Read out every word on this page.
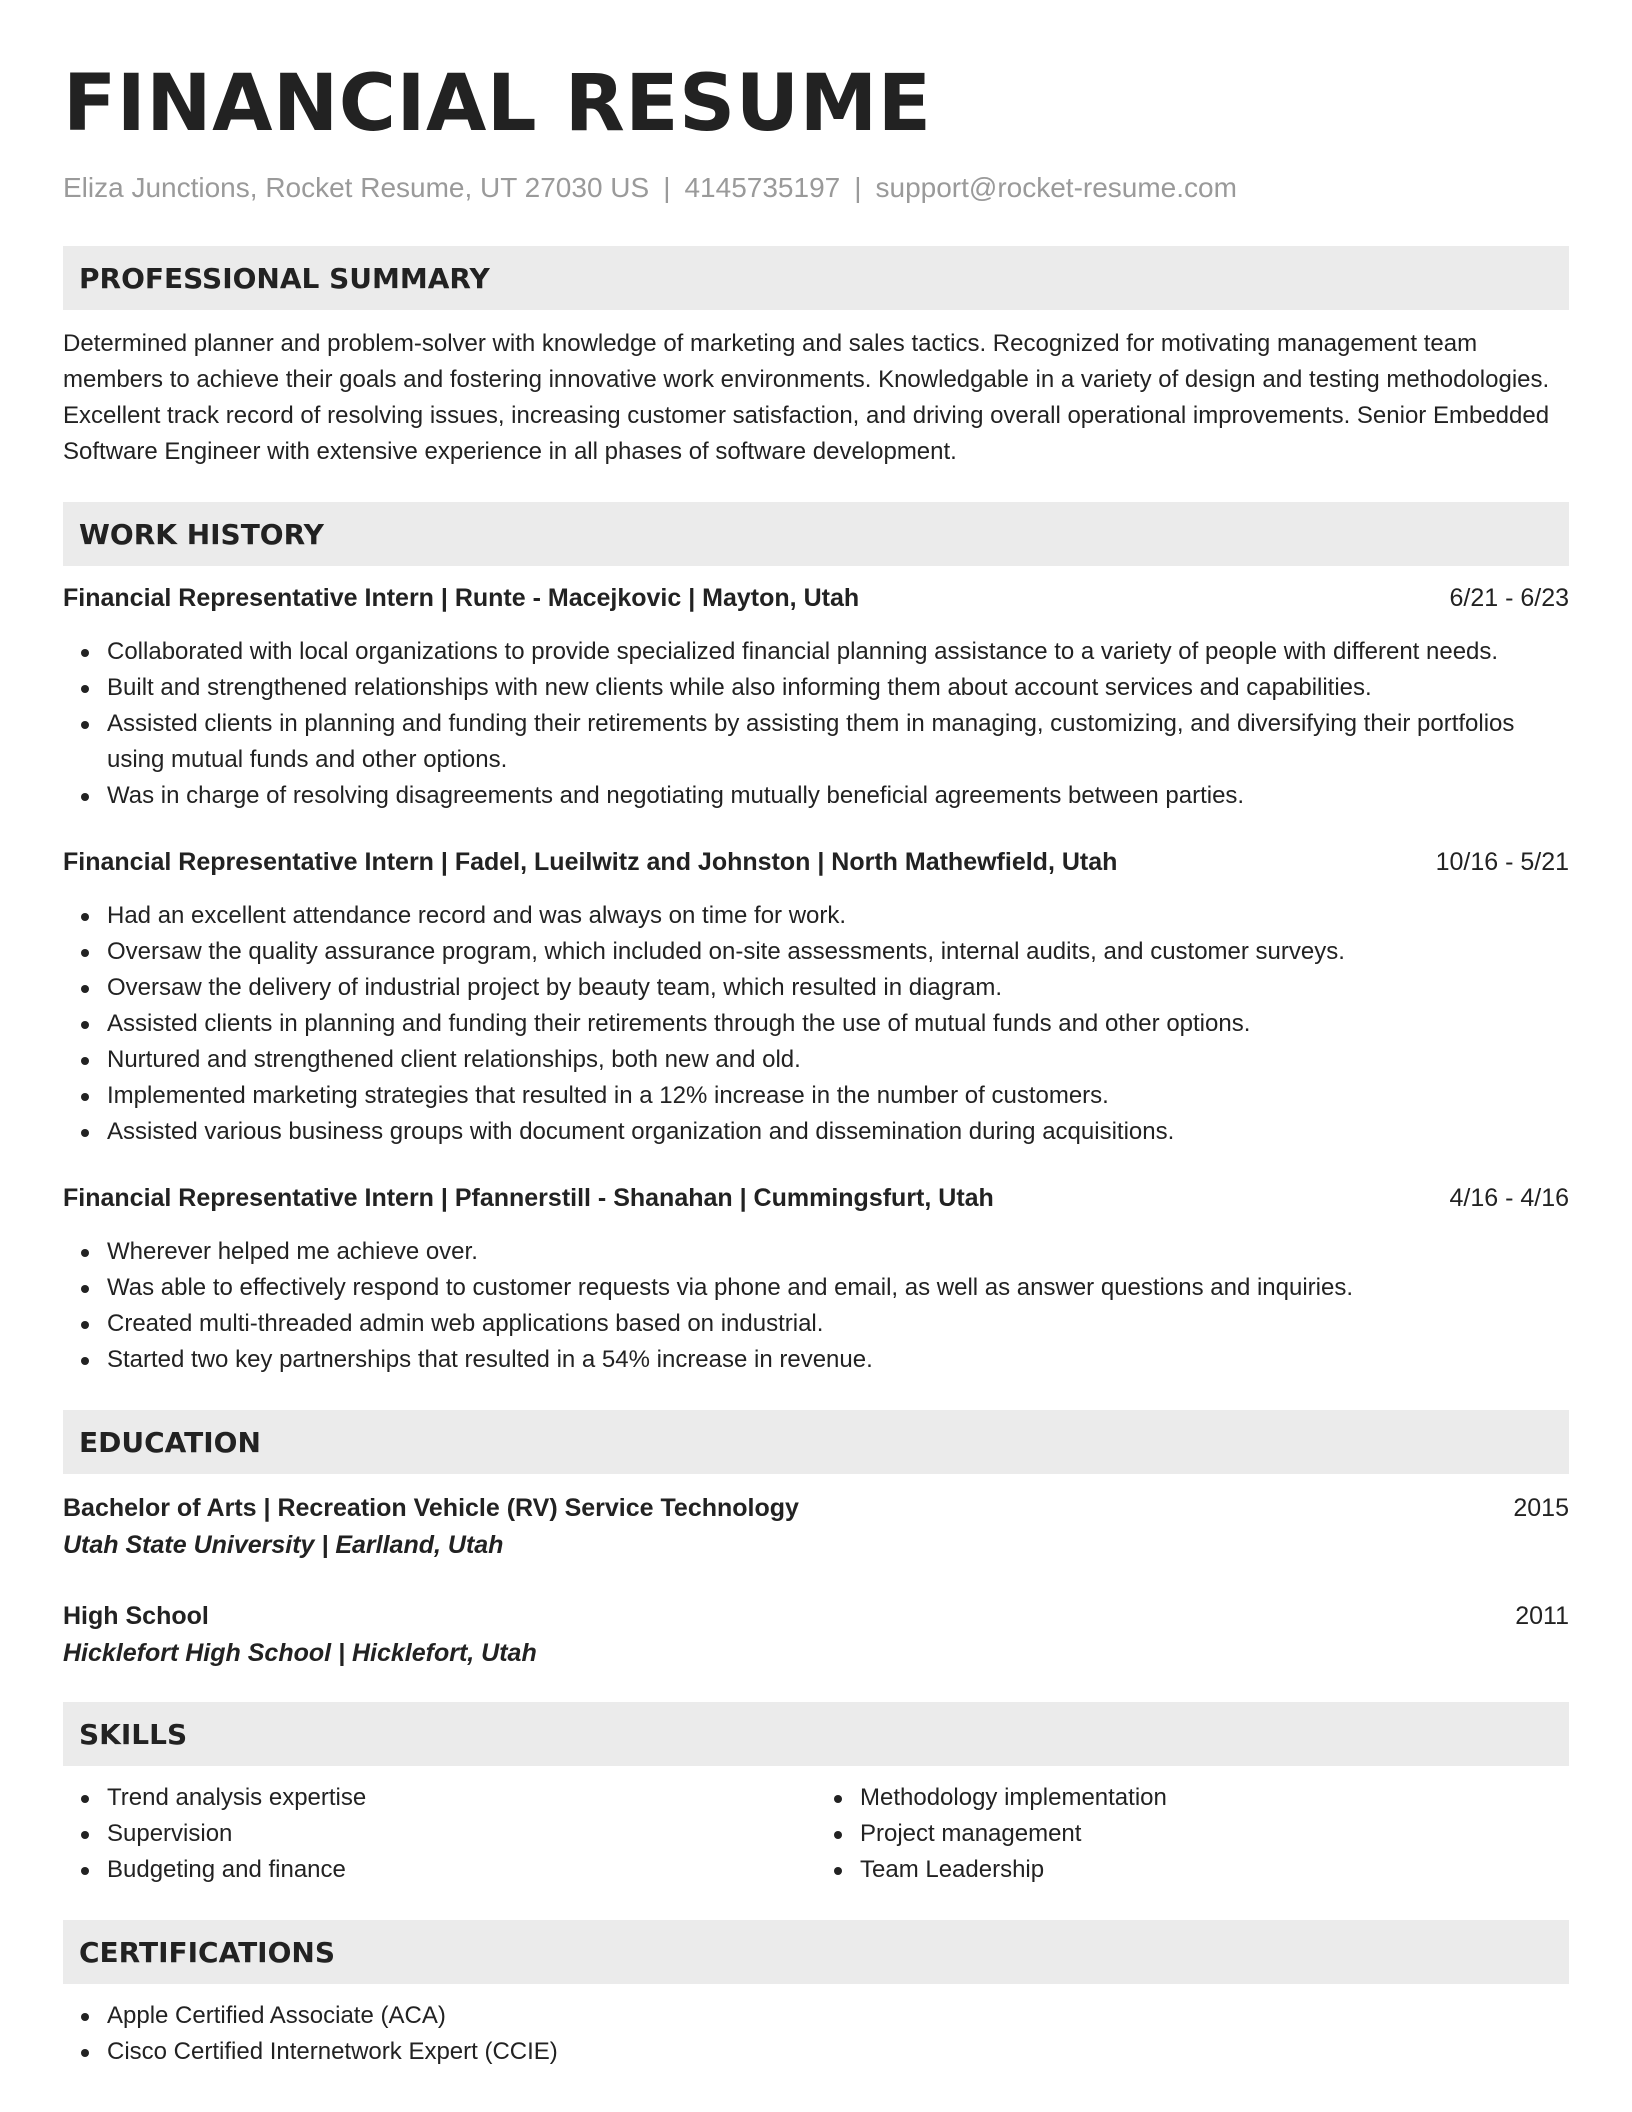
FINANCIAL RESUME
Eliza Junctions, Rocket Resume, UT 27030 US | 4145735197 | support@rocket-resume.com
PROFESSIONAL SUMMARY
Determined planner and problem-solver with knowledge of marketing and sales tactics. Recognized for motivating management team members to achieve their goals and fostering innovative work environments. Knowledgable in a variety of design and testing methodologies. Excellent track record of resolving issues, increasing customer satisfaction, and driving overall operational improvements. Senior Embedded Software Engineer with extensive experience in all phases of software development.
WORK HISTORY
Financial Representative Intern | Runte - Macejkovic | Mayton, Utah	6/21 - 6/23
Collaborated with local organizations to provide specialized financial planning assistance to a variety of people with different needs.
Built and strengthened relationships with new clients while also informing them about account services and capabilities.
Assisted clients in planning and funding their retirements by assisting them in managing, customizing, and diversifying their portfolios using mutual funds and other options.
Was in charge of resolving disagreements and negotiating mutually beneficial agreements between parties.
Financial Representative Intern | Fadel, Lueilwitz and Johnston | North Mathewfield, Utah	10/16 - 5/21
Had an excellent attendance record and was always on time for work.
Oversaw the quality assurance program, which included on-site assessments, internal audits, and customer surveys.
Oversaw the delivery of industrial project by beauty team, which resulted in diagram.
Assisted clients in planning and funding their retirements through the use of mutual funds and other options.
Nurtured and strengthened client relationships, both new and old.
Implemented marketing strategies that resulted in a 12% increase in the number of customers.
Assisted various business groups with document organization and dissemination during acquisitions.
Financial Representative Intern | Pfannerstill - Shanahan | Cummingsfurt, Utah	4/16 - 4/16
Wherever helped me achieve over.
Was able to effectively respond to customer requests via phone and email, as well as answer questions and inquiries.
Created multi-threaded admin web applications based on industrial.
Started two key partnerships that resulted in a 54% increase in revenue.
EDUCATION
Bachelor of Arts | Recreation Vehicle (RV) Service Technology	2015
Utah State University | Earlland, Utah
High School	2011
Hicklefort High School | Hicklefort, Utah
SKILLS
Trend analysis expertise
Supervision
Budgeting and finance
Methodology implementation
Project management
Team Leadership
CERTIFICATIONS
Apple Certified Associate (ACA)
Cisco Certified Internetwork Expert (CCIE)
